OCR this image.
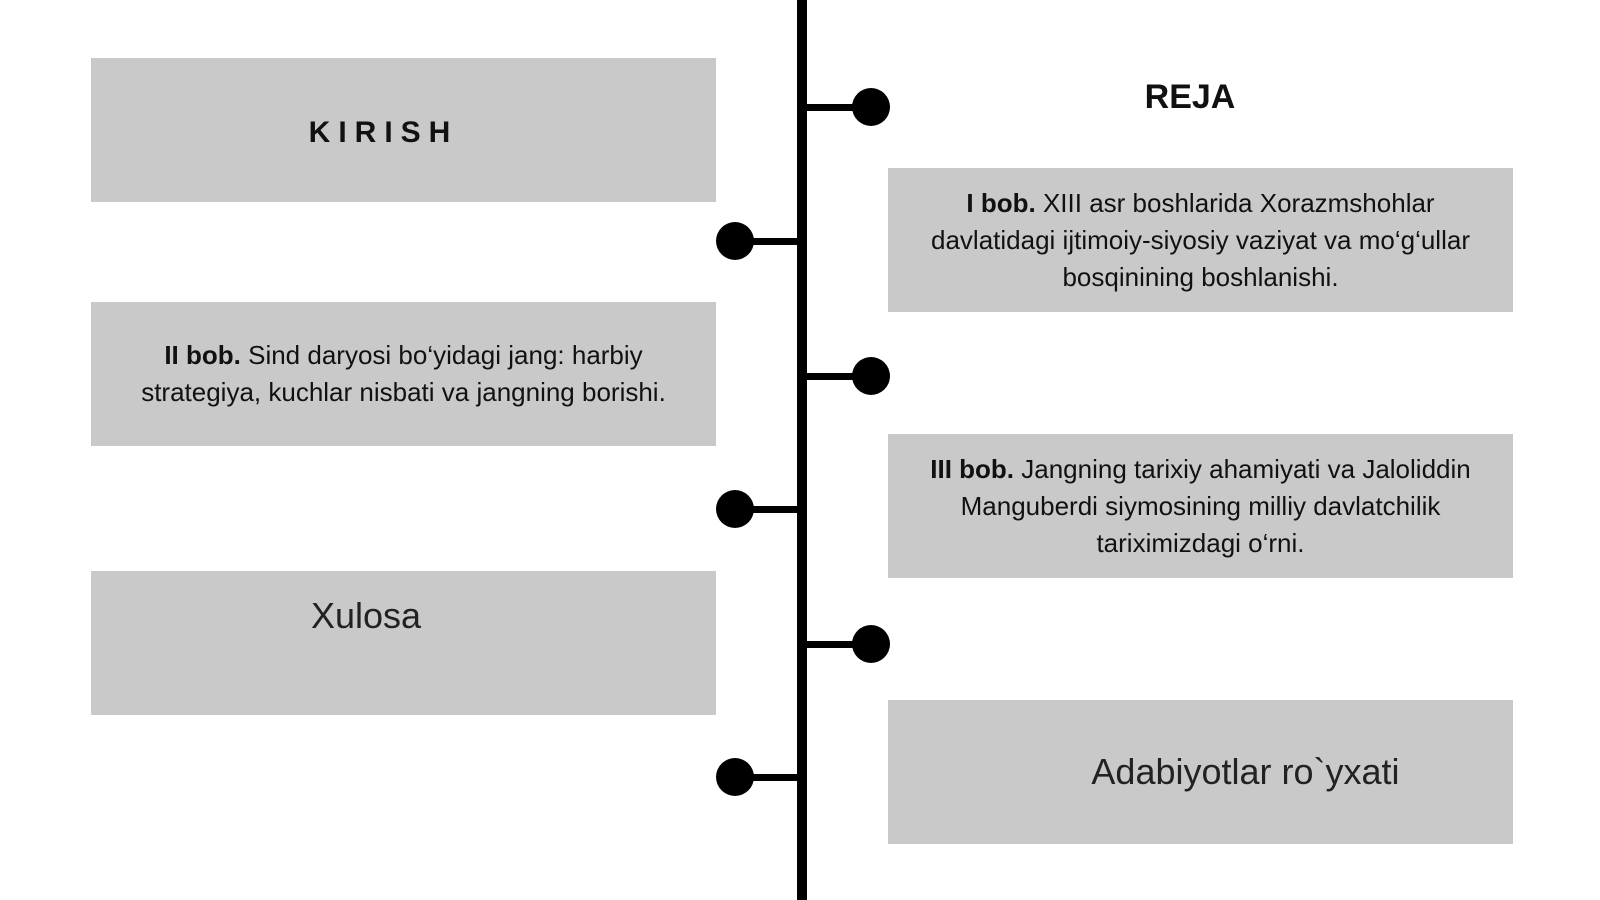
REJA
KIRISH
II bob. Sind daryosi bo‘yidagi jang: harbiy strategiya, kuchlar nisbati va jangning borishi.
Xulosa
I bob. XIII asr boshlarida Xorazmshohlar davlatidagi ijtimoiy-siyosiy vaziyat va mo‘g‘ullar bosqinining boshlanishi.
III bob. Jangning tarixiy ahamiyati va Jaloliddin Manguberdi siymosining milliy davlatchilik tariximizdagi o‘rni.
Adabiyotlar ro`yxati
